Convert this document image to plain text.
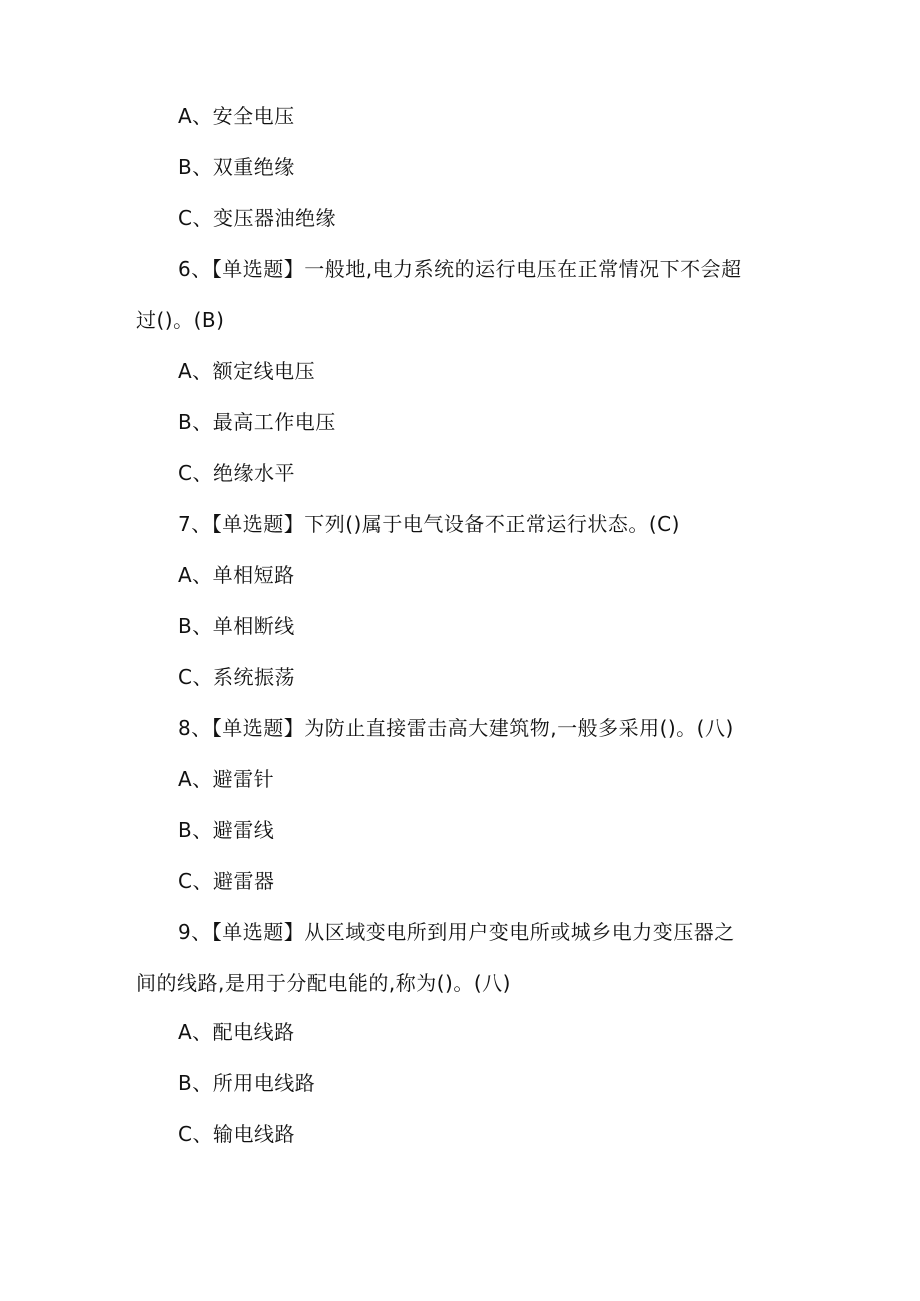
A、安全电压
B、双重绝缘
C、变压器油绝缘
6、【单选题】一般地,电力系统的运行电压在正常情况下不会超
过()。(B)
A、额定线电压
B、最高工作电压
C、绝缘水平
7、【单选题】下列()属于电气设备不正常运行状态。(C)
A、单相短路
B、单相断线
C、系统振荡
8、【单选题】为防止直接雷击高大建筑物,一般多采用()。(八)
A、避雷针
B、避雷线
C、避雷器
9、【单选题】从区域变电所到用户变电所或城乡电力变压器之
间的线路,是用于分配电能的,称为()。(八)
A、配电线路
B、所用电线路
C、输电线路
